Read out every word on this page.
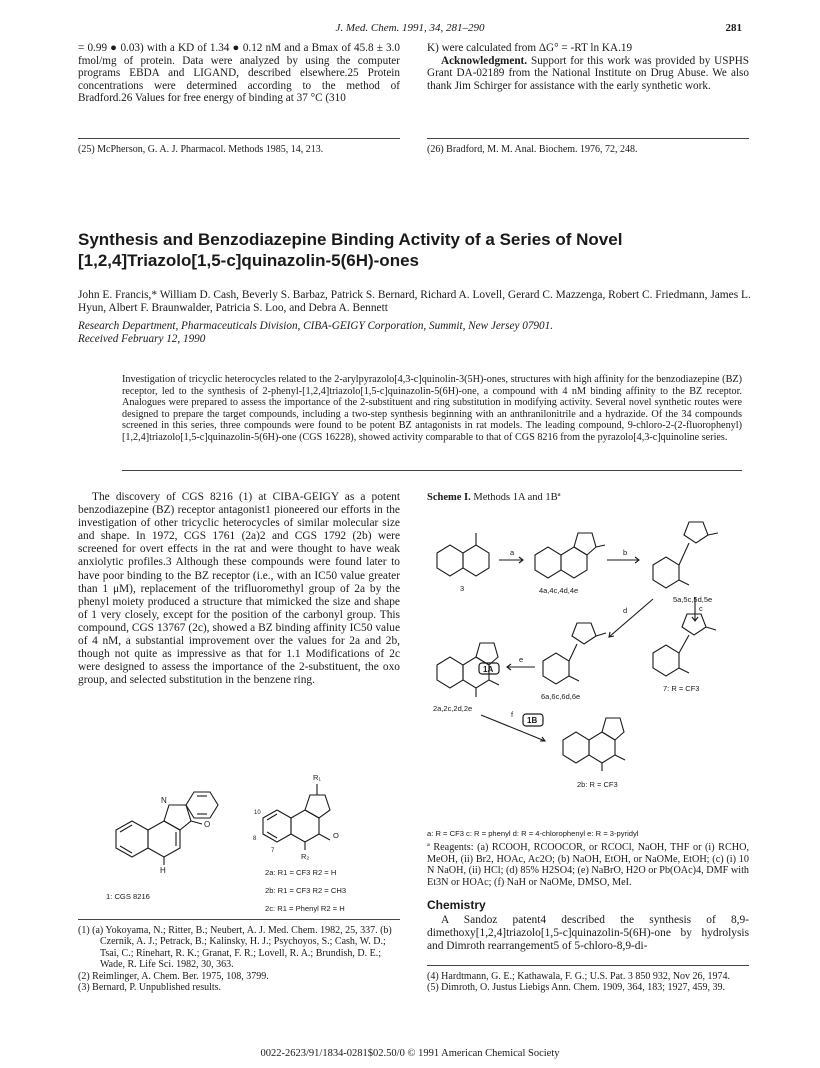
J. Med. Chem. 1991, 34, 281–290	281

= 0.99 ● 0.03) with a KD of 1.34 ● 0.12 nM and a Bmax of 45.8 ± 3.0 fmol/mg of protein. Data were analyzed by using the computer programs EBDA and LIGAND, described elsewhere.25 Protein concentrations were determined according to the method of Bradford.26 Values for free energy of binding at 37 °C (310

(25) McPherson, G. A. J. Pharmacol. Methods 1985, 14, 213.

K) were calculated from ΔG° = -RT ln KA.19

Acknowledgment. Support for this work was provided by USPHS Grant DA-02189 from the National Institute on Drug Abuse. We also thank Jim Schirger for assistance with the early synthetic work.

(26) Bradford, M. M. Anal. Biochem. 1976, 72, 248.
Synthesis and Benzodiazepine Binding Activity of a Series of Novel [1,2,4]Triazolo[1,5-c]quinazolin-5(6H)-ones
John E. Francis,* William D. Cash, Beverly S. Barbaz, Patrick S. Bernard, Richard A. Lovell, Gerard C. Mazzenga, Robert C. Friedmann, James L. Hyun, Albert F. Braunwalder, Patricia S. Loo, and Debra A. Bennett
Research Department, Pharmaceuticals Division, CIBA-GEIGY Corporation, Summit, New Jersey 07901.
Received February 12, 1990
Investigation of tricyclic heterocycles related to the 2-arylpyrazolo[4,3-c]quinolin-3(5H)-ones, structures with high affinity for the benzodiazepine (BZ) receptor, led to the synthesis of 2-phenyl-[1,2,4]triazolo[1,5-c]quinazolin-5(6H)-one, a compound with 4 nM binding affinity to the BZ receptor. Analogues were prepared to assess the importance of the 2-substituent and ring substitution in modifying activity. Several novel synthetic routes were designed to prepare the target compounds, including a two-step synthesis beginning with an anthranilonitrile and a hydrazide. Of the 34 compounds screened in this series, three compounds were found to be potent BZ antagonists in rat models. The leading compound, 9-chloro-2-(2-fluorophenyl)[1,2,4]triazolo[1,5-c]quinazolin-5(6H)-one (CGS 16228), showed activity comparable to that of CGS 8216 from the pyrazolo[4,3-c]quinoline series.

The discovery of CGS 8216 (1) at CIBA-GEIGY as a potent benzodiazepine (BZ) receptor antagonist1 pioneered our efforts in the investigation of other tricyclic heterocycles of similar molecular size and shape. In 1972, CGS 1761 (2a)2 and CGS 1792 (2b) were screened for overt effects in the rat and were thought to have weak anxiolytic profiles.3 Although these compounds were found later to have poor binding to the BZ receptor (i.e., with an IC50 value greater than 1 μM), replacement of the trifluoromethyl group of 2a by the phenyl moiety produced a structure that mimicked the size and shape of 1 very closely, except for the position of the carbonyl group. This compound, CGS 13767 (2c), showed a BZ binding affinity IC50 value of 4 nM, a substantial improvement over the values for 2a and 2b, though not quite as impressive as that for 1.1 Modifications of 2c were designed to assess the importance of the 2-substituent, the oxo group, and selected substitution in the benzene ring.

N
O
H
R₁
O
R₂
10
8
7
2a: R1 = CF3 R2 = H
2b: R1 = CF3 R2 = CH3
2c: R1 = Phenyl R2 = H
1: CGS 8216
(1) (a) Yokoyama, N.; Ritter, B.; Neubert, A. J. Med. Chem. 1982, 25, 337. (b) Czernik, A. J.; Petrack, B.; Kalinsky, H. J.; Psychoyos, S.; Cash, W. D.; Tsai, C.; Rinehart, R. K.; Granat, F. R.; Lovell, R. A.; Brundish, D. E.; Wade, R. Life Sci. 1982, 30, 363.
(2) Reimlinger, A. Chem. Ber. 1975, 108, 3799.
(3) Bernard, P. Unpublished results.
Scheme I. Methods 1A and 1Bª
1A
1B
a	b
c
d
e
f
3	4a,4c,4d,4e
5a,5c,5d,5e
6a,6c,6d,6e
7: R = CF3
2a,2c,2d,2e
2b: R = CF3
a: R = CF3 c: R = phenyl d: R = 4-chlorophenyl e: R = 3-pyridyl
ª Reagents: (a) RCOOH, RCOOCOR, or RCOCl, NaOH, THF or (i) RCHO, MeOH, (ii) Br2, HOAc, Ac2O; (b) NaOH, EtOH, or NaOMe, EtOH; (c) (i) 10 N NaOH, (ii) HCl; (d) 85% H2SO4; (e) NaBrO, H2O or Pb(OAc)4, DMF with Et3N or HOAc; (f) NaH or NaOMe, DMSO, MeI.
Chemistry

A Sandoz patent4 described the synthesis of 8,9-dimethoxy[1,2,4]triazolo[1,5-c]quinazolin-5(6H)-one by hydrolysis and Dimroth rearrangement5 of 5-chloro-8,9-di-

(4) Hardtmann, G. E.; Kathawala, F. G.; U.S. Pat. 3 850 932, Nov 26, 1974.
(5) Dimroth, O. Justus Liebigs Ann. Chem. 1909, 364, 183; 1927, 459, 39.
0022-2623/91/1834-0281$02.50/0 © 1991 American Chemical Society
